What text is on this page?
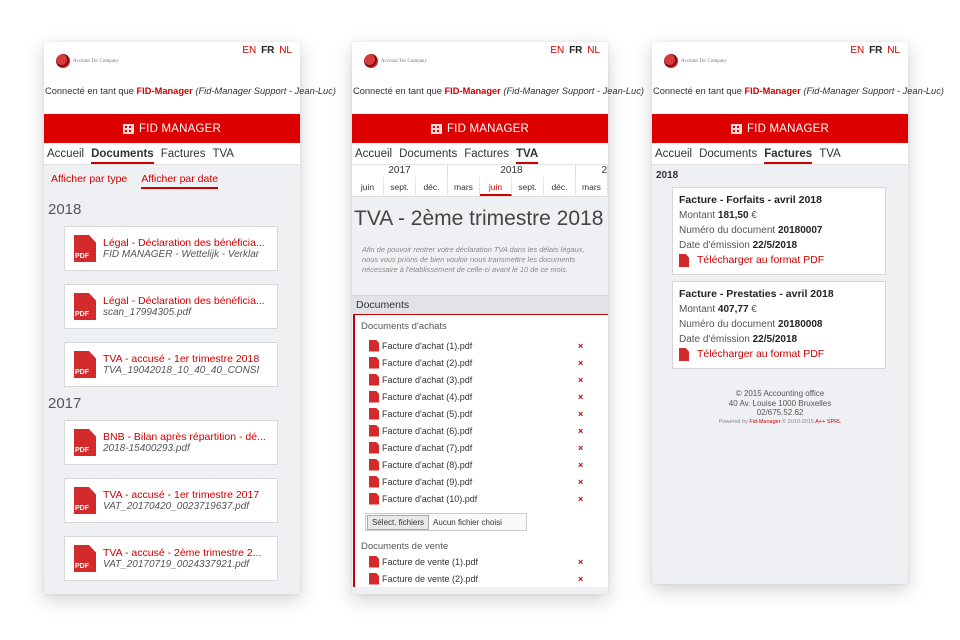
Account Tec Company
EN FR NL
Connecté en tant que FID-Manager (Fid-Manager Support - Jean-Luc)
FID MANAGER
Accueil Documents Factures TVA
Afficher par type Afficher par date
2018
PDF
Légal - Déclaration des bénéficia...
FID MANAGER - Wettelijk - Verklar
PDF
Légal - Déclaration des bénéficia...
scan_17994305.pdf
PDF
TVA - accusé - 1er trimestre 2018
TVA_19042018_10_40_40_CONSI
2017
PDF
BNB - Bilan après répartition - dé...
2018-15400293.pdf
PDF
TVA - accusé - 1er trimestre 2017
VAT_20170420_0023719637.pdf
PDF
TVA - accusé - 2ème trimestre 2...
VAT_20170719_0024337921.pdf
Account Tec Company
EN FR NL
Connecté en tant que FID-Manager (Fid-Manager Support - Jean-Luc)
FID MANAGER
Accueil Documents Factures TVA
2017	2018	2
juin	sept.	déc.	mars	juin	sept.	déc.	mars
TVA - 2ème trimestre 2018
Afin de pouvoir rentrer votre déclaration TVA dans les délais légaux, nous vous prions de bien vouloir nous transmettre les documents nécessaire à l'établissement de celle-ci avant le 10 de ce mois.
Documents
Documents d'achats
Facture d'achat (1).pdf	×
Facture d'achat (2).pdf	×
Facture d'achat (3).pdf	×
Facture d'achat (4).pdf	×
Facture d'achat (5).pdf	×
Facture d'achat (6).pdf	×
Facture d'achat (7).pdf	×
Facture d'achat (8).pdf	×
Facture d'achat (9).pdf	×
Facture d'achat (10).pdf	×
Sélect. fichiers	Aucun fichier choisi
Documents de vente
Facture de vente (1).pdf	×
Facture de vente (2).pdf	×
Account Tec Company
EN FR NL
Connecté en tant que FID-Manager (Fid-Manager Support - Jean-Luc)
FID MANAGER
Accueil Documents Factures TVA
2018
Facture - Forfaits - avril 2018
Montant 181,50 €
Numéro du document 20180007
Date d'émission 22/5/2018
Télécharger au format PDF
Facture - Prestaties - avril 2018
Montant 407,77 €
Numéro du document 20180008
Date d'émission 22/5/2018
Télécharger au format PDF
© 2015 Accounting office
40 Av. Louise 1000 Bruxelles
02/675.52.62
Powered by Fid-Manager © 2010-2015 A++ SPRL
